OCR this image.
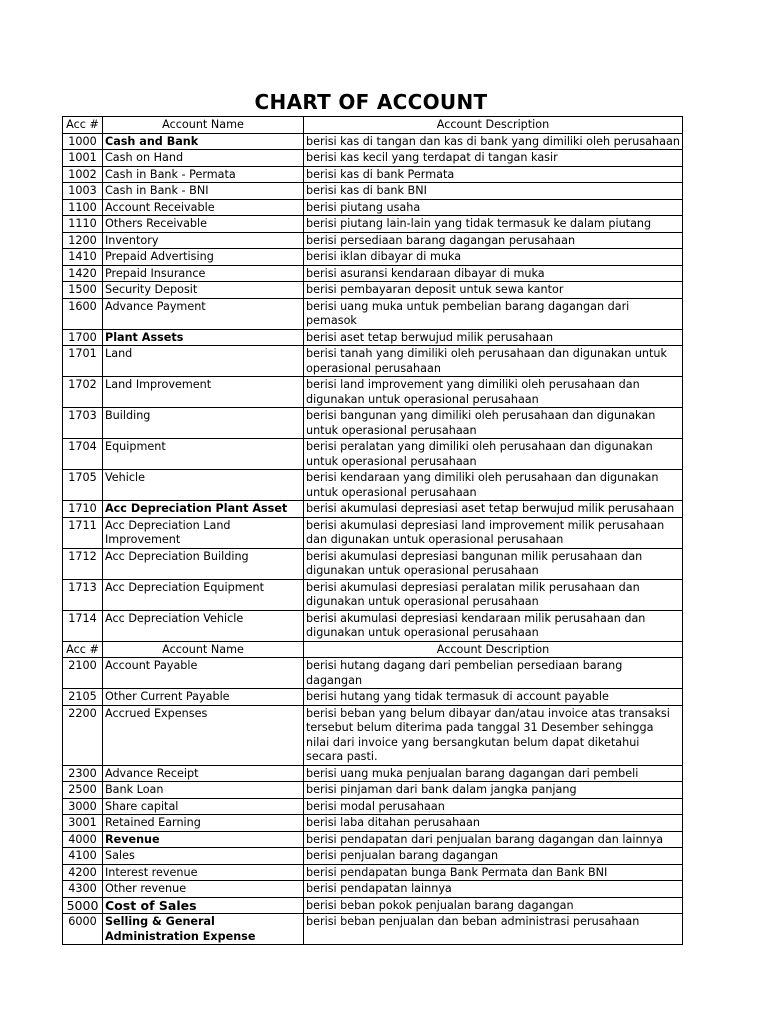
CHART OF ACCOUNT
Acc #	Account Name	Account Description
1000	Cash and Bank	berisi kas di tangan dan kas di bank yang dimiliki oleh perusahaan
1001	Cash on Hand	berisi kas kecil yang terdapat di tangan kasir
1002	Cash in Bank - Permata	berisi kas di bank Permata
1003	Cash in Bank - BNI	berisi kas di bank BNI
1100	Account Receivable	berisi piutang usaha
1110	Others Receivable	berisi piutang lain-lain yang tidak termasuk ke dalam piutang
1200	Inventory	berisi persediaan barang dagangan perusahaan
1410	Prepaid Advertising	berisi iklan dibayar di muka
1420	Prepaid Insurance	berisi asuransi kendaraan dibayar di muka
1500	Security Deposit	berisi pembayaran deposit untuk sewa kantor
1600	Advance Payment	berisi uang muka untuk pembelian barang dagangan dari pemasok
1700	Plant Assets	berisi aset tetap berwujud milik perusahaan
1701	Land	berisi tanah yang dimiliki oleh perusahaan dan digunakan untuk operasional perusahaan
1702	Land Improvement	berisi land improvement yang dimiliki oleh perusahaan dan digunakan untuk operasional perusahaan
1703	Building	berisi bangunan yang dimiliki oleh perusahaan dan digunakan untuk operasional perusahaan
1704	Equipment	berisi peralatan yang dimiliki oleh perusahaan dan digunakan untuk operasional perusahaan
1705	Vehicle	berisi kendaraan yang dimiliki oleh perusahaan dan digunakan untuk operasional perusahaan
1710	Acc Depreciation Plant Asset	berisi akumulasi depresiasi aset tetap berwujud milik perusahaan
1711	Acc Depreciation Land Improvement	berisi akumulasi depresiasi land improvement milik perusahaan dan digunakan untuk operasional perusahaan
1712	Acc Depreciation Building	berisi akumulasi depresiasi bangunan milik perusahaan dan digunakan untuk operasional perusahaan
1713	Acc Depreciation Equipment	berisi akumulasi depresiasi peralatan milik perusahaan dan digunakan untuk operasional perusahaan
1714	Acc Depreciation Vehicle	berisi akumulasi depresiasi kendaraan milik perusahaan dan digunakan untuk operasional perusahaan
Acc #	Account Name	Account Description
2100	Account Payable	berisi hutang dagang dari pembelian persediaan barang dagangan
2105	Other Current Payable	berisi hutang yang tidak termasuk di account payable
2200	Accrued Expenses	berisi beban yang belum dibayar dan/atau invoice atas transaksi tersebut belum diterima pada tanggal 31 Desember sehingga nilai dari invoice yang bersangkutan belum dapat diketahui secara pasti.
2300	Advance Receipt	berisi uang muka penjualan barang dagangan dari pembeli
2500	Bank Loan	berisi pinjaman dari bank dalam jangka panjang
3000	Share capital	berisi modal perusahaan
3001	Retained Earning	berisi laba ditahan perusahaan
4000	Revenue	berisi pendapatan dari penjualan barang dagangan dan lainnya
4100	Sales	berisi penjualan barang dagangan
4200	Interest revenue	berisi pendapatan bunga Bank Permata dan Bank BNI
4300	Other revenue	berisi pendapatan lainnya
5000	Cost of Sales	berisi beban pokok penjualan barang dagangan
6000	Selling & General Administration Expense	berisi beban penjualan dan beban administrasi perusahaan
